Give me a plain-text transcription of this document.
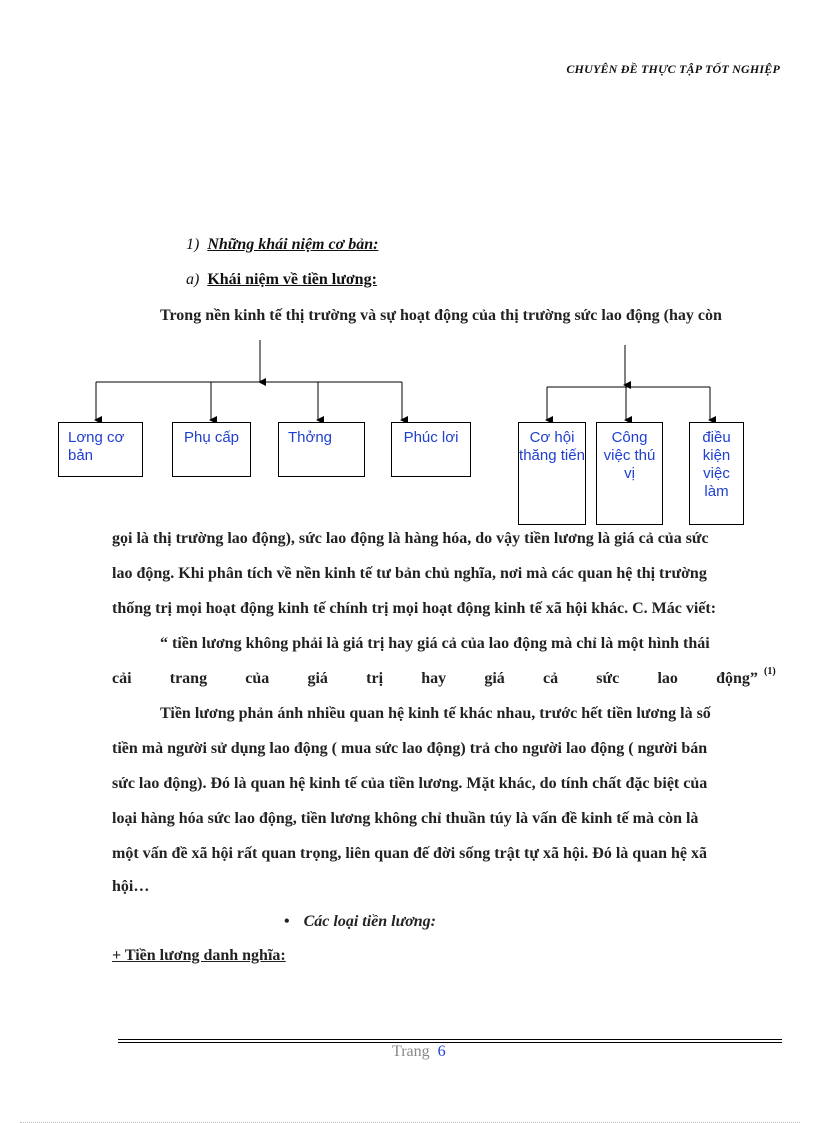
CHUYÊN ĐỀ THỰC TẬP TỐT NGHIỆP
1) Những khái niệm cơ bản:
a) Khái niệm về tiền lương:
Trong nền kinh tế thị trường và sự hoạt động của thị trường sức lao động (hay còn
Lơng cơ bản
Phụ cấp	Thởng	Phúc lơi	Cơ hội thăng tiến
Công việc thú vị
điều kiện việc làm
gọi là thị trường lao động), sức lao động là hàng hóa, do vậy tiền lương là giá cả của sức
lao động. Khi phân tích về nền kinh tế tư bản chủ nghĩa, nơi mà các quan hệ thị trường
thống trị mọi hoạt động kinh tế chính trị mọi hoạt động kinh tế xã hội khác. C. Mác viết:
“ tiền lương không phải là giá trị hay giá cả của lao động mà chỉ là một hình thái
cải trang của giá trị hay giá cả sức lao động” (1)
Tiền lương phản ánh nhiều quan hệ kinh tế khác nhau, trước hết tiền lương là số
tiền mà người sử dụng lao động ( mua sức lao động) trả cho người lao động ( người bán
sức lao động). Đó là quan hệ kinh tế của tiền lương. Mặt khác, do tính chất đặc biệt của
loại hàng hóa sức lao động, tiền lương không chỉ thuần túy là vấn đề kinh tế mà còn là
một vấn đề xã hội rất quan trọng, liên quan đế đời sống trật tự xã hội. Đó là quan hệ xã
hội…
• Các loại tiền lương:
+ Tiền lương danh nghĩa:
Trang 6
